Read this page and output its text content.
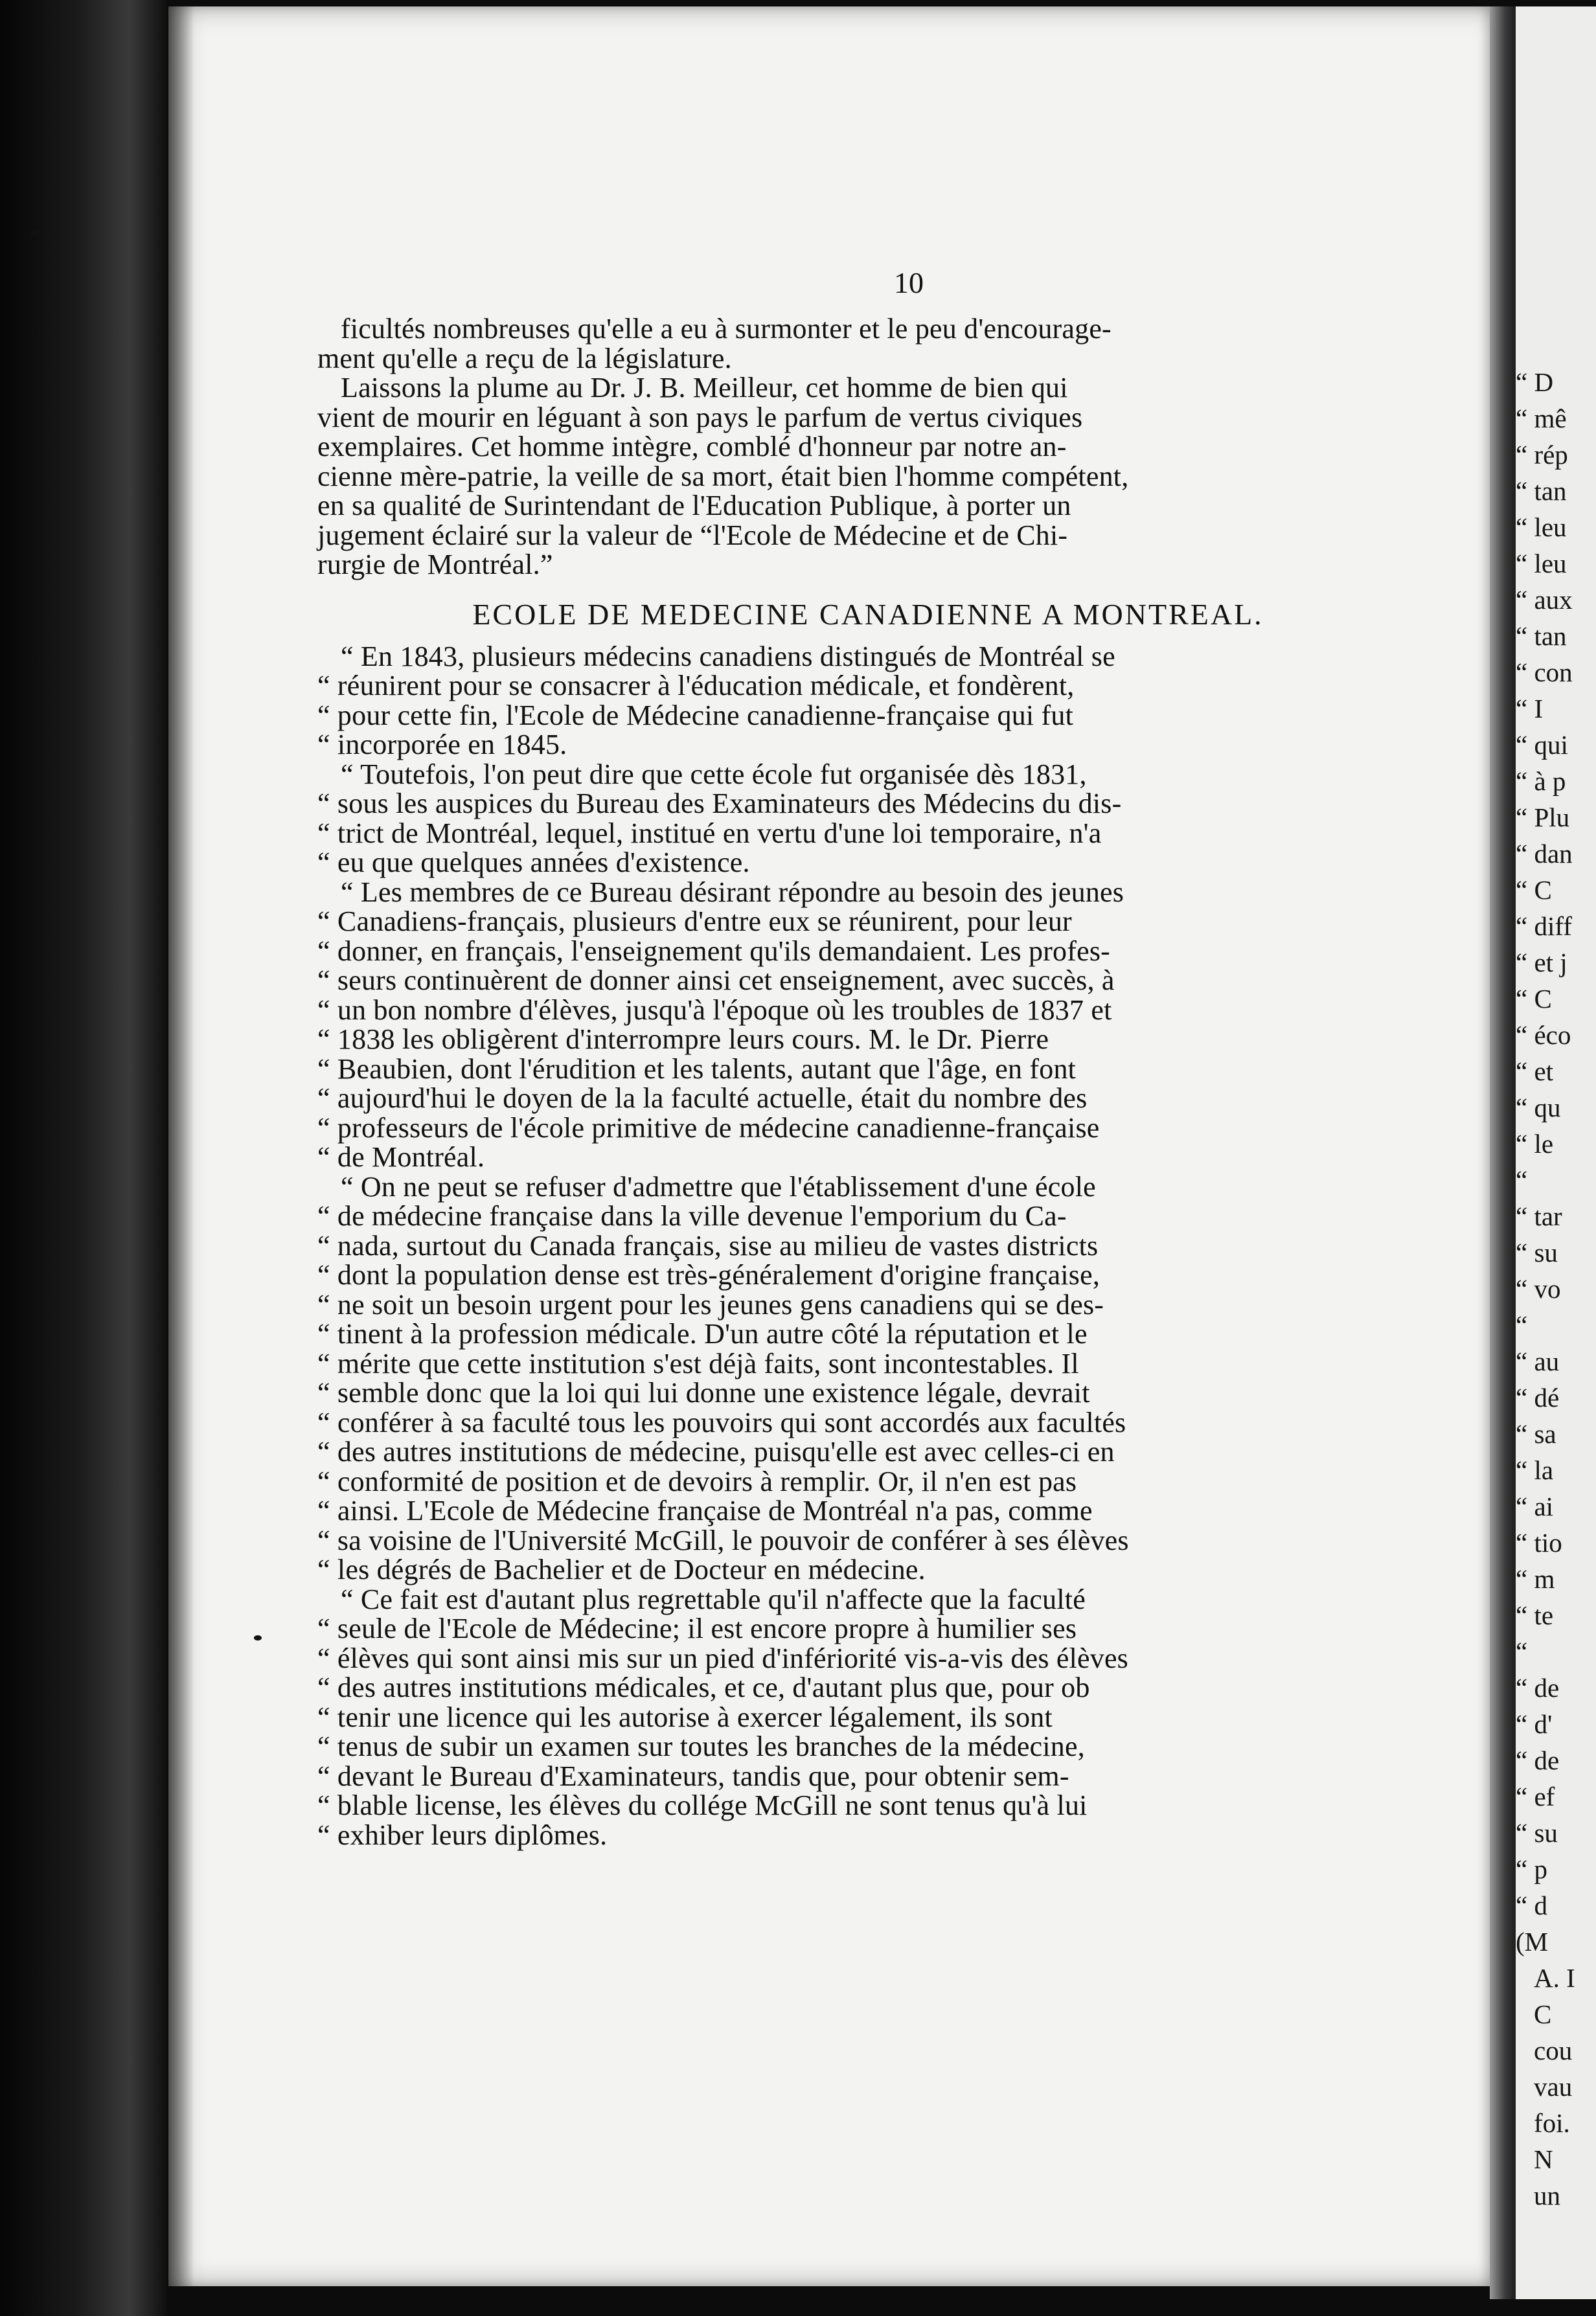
“ D
“ mê
“ rép
“ tan
“ leu
“ leu
“ aux
“ tan
“ con
“ I
“ qui
“ à p
“ Plu
“ dan
“ C
“ diff
“ et j
“ C
“ éco
“ et
“ qu
“ le
“
“ tar
“ su
“ vo
“
“ au
“ dé
“ sa
“ la
“ ai
“ tio
“ m
“ te
“
“ de
“ d'
“ de
“ ef
“ su
“ p
“ d
(M
A. I
C
cou
vau
foi.
N
un
10
ficultés nombreuses qu'elle a eu à surmonter et le peu d'encourage-
ment qu'elle a reçu de la législature.
Laissons la plume au Dr. J. B. Meilleur, cet homme de bien qui
vient de mourir en léguant à son pays le parfum de vertus civiques
exemplaires. Cet homme intègre, comblé d'honneur par notre an-
cienne mère-patrie, la veille de sa mort, était bien l'homme compétent,
en sa qualité de Surintendant de l'Education Publique, à porter un
jugement éclairé sur la valeur de “l'Ecole de Médecine et de Chi-
rurgie de Montréal.”
ECOLE DE MEDECINE CANADIENNE A MONTREAL.
“ En 1843, plusieurs médecins canadiens distingués de Montréal se
“ réunirent pour se consacrer à l'éducation médicale, et fondèrent,
“ pour cette fin, l'Ecole de Médecine canadienne-française qui fut
“ incorporée en 1845.
“ Toutefois, l'on peut dire que cette école fut organisée dès 1831,
“ sous les auspices du Bureau des Examinateurs des Médecins du dis-
“ trict de Montréal, lequel, institué en vertu d'une loi temporaire, n'a
“ eu que quelques années d'existence.
“ Les membres de ce Bureau désirant répondre au besoin des jeunes
“ Canadiens-français, plusieurs d'entre eux se réunirent, pour leur
“ donner, en français, l'enseignement qu'ils demandaient. Les profes-
“ seurs continuèrent de donner ainsi cet enseignement, avec succès, à
“ un bon nombre d'élèves, jusqu'à l'époque où les troubles de 1837 et
“ 1838 les obligèrent d'interrompre leurs cours. M. le Dr. Pierre
“ Beaubien, dont l'érudition et les talents, autant que l'âge, en font
“ aujourd'hui le doyen de la la faculté actuelle, était du nombre des
“ professeurs de l'école primitive de médecine canadienne-française
“ de Montréal.
“ On ne peut se refuser d'admettre que l'établissement d'une école
“ de médecine française dans la ville devenue l'emporium du Ca-
“ nada, surtout du Canada français, sise au milieu de vastes districts
“ dont la population dense est très-généralement d'origine française,
“ ne soit un besoin urgent pour les jeunes gens canadiens qui se des-
“ tinent à la profession médicale. D'un autre côté la réputation et le
“ mérite que cette institution s'est déjà faits, sont incontestables. Il
“ semble donc que la loi qui lui donne une existence légale, devrait
“ conférer à sa faculté tous les pouvoirs qui sont accordés aux facultés
“ des autres institutions de médecine, puisqu'elle est avec celles-ci en
“ conformité de position et de devoirs à remplir. Or, il n'en est pas
“ ainsi. L'Ecole de Médecine française de Montréal n'a pas, comme
“ sa voisine de l'Université McGill, le pouvoir de conférer à ses élèves
“ les dégrés de Bachelier et de Docteur en médecine.
“ Ce fait est d'autant plus regrettable qu'il n'affecte que la faculté
“ seule de l'Ecole de Médecine; il est encore propre à humilier ses
“ élèves qui sont ainsi mis sur un pied d'infériorité vis-a-vis des élèves
“ des autres institutions médicales, et ce, d'autant plus que, pour ob
“ tenir une licence qui les autorise à exercer légalement, ils sont
“ tenus de subir un examen sur toutes les branches de la médecine,
“ devant le Bureau d'Examinateurs, tandis que, pour obtenir sem-
“ blable license, les élèves du collége McGill ne sont tenus qu'à lui
“ exhiber leurs diplômes.
